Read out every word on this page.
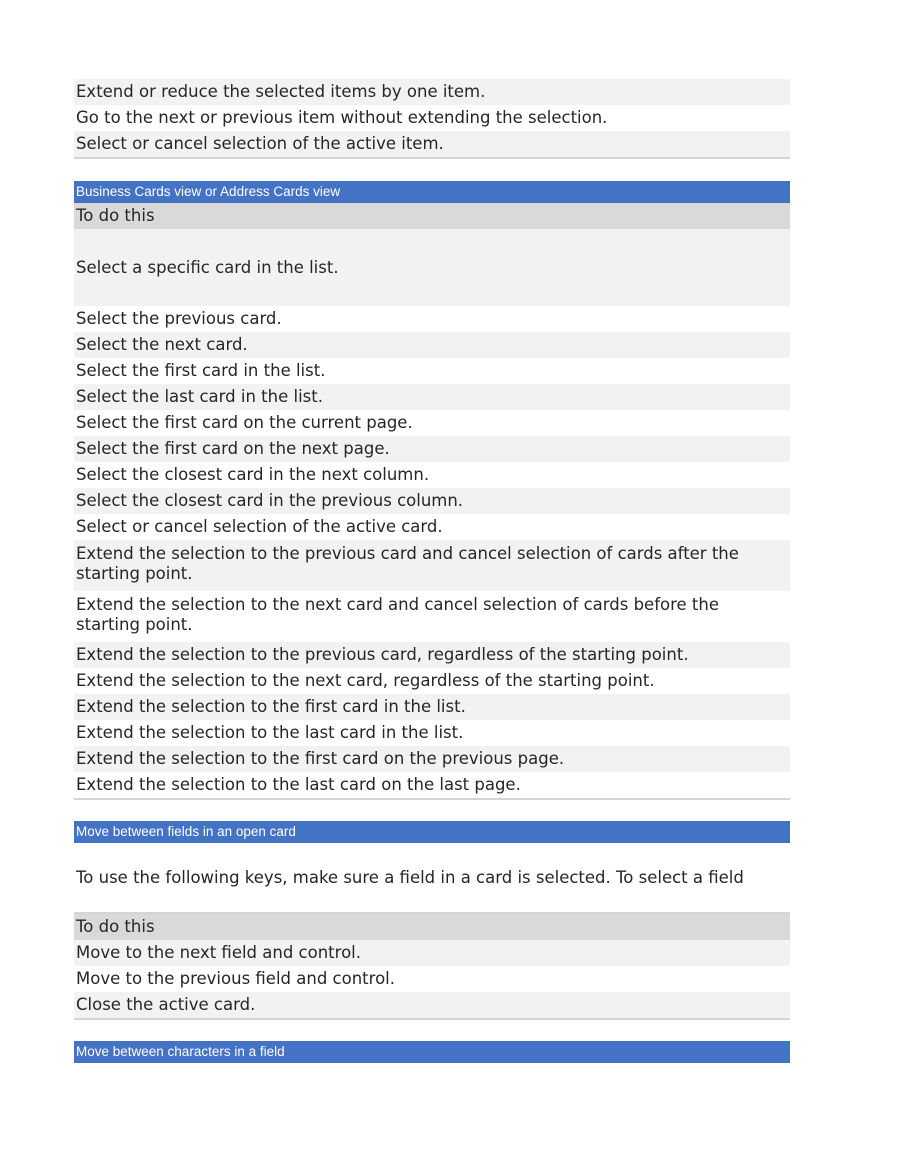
Extend or reduce the selected items by one item.
Go to the next or previous item without extending the selection.
Select or cancel selection of the active item.
Business Cards view or Address Cards view
To do this
Select a specific card in the list.
Select the previous card.
Select the next card.
Select the first card in the list.
Select the last card in the list.
Select the first card on the current page.
Select the first card on the next page.
Select the closest card in the next column.
Select the closest card in the previous column.
Select or cancel selection of the active card.
Extend the selection to the previous card and cancel selection of cards after the starting point.
Extend the selection to the next card and cancel selection of cards before the starting point.
Extend the selection to the previous card, regardless of the starting point.
Extend the selection to the next card, regardless of the starting point.
Extend the selection to the first card in the list.
Extend the selection to the last card in the list.
Extend the selection to the first card on the previous page.
Extend the selection to the last card on the last page.
Move between fields in an open card
To use the following keys, make sure a field in a card is selected. To select a field
To do this
Move to the next field and control.
Move to the previous field and control.
Close the active card.
Move between characters in a field
